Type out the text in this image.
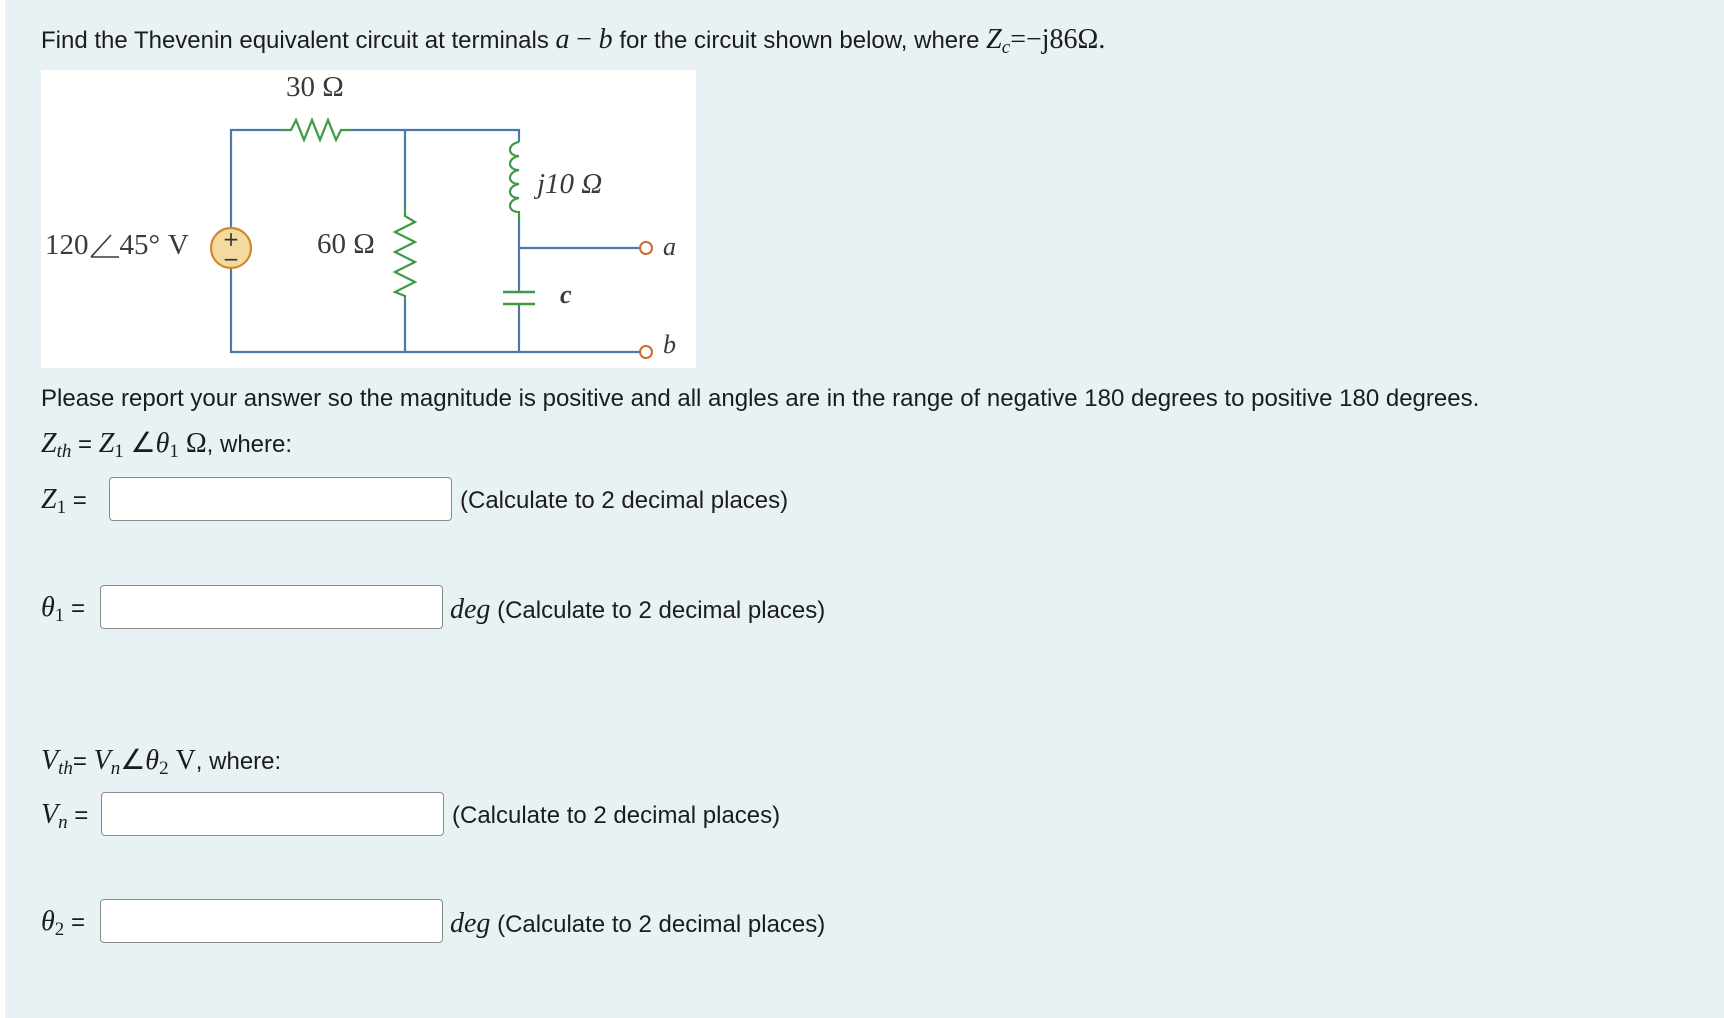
Find the Thevenin equivalent circuit at terminals a − b for the circuit shown below, where $Z_c=-j86\Omega$.
+
−
30 Ω
120 45° V	60 Ω
j10 Ω
c
a
b
Please report your answer so the magnitude is positive and all angles are in the range of negative 180 degrees to positive 180 degrees.
$Z_{th} = Z_1$ $\angle\theta_1$ Ω, where:
$Z_1$ =	(Calculate to 2 decimal places)
$\theta_1$ =	deg (Calculate to 2 decimal places)
$V_{th}=$ $V_n\angle\theta_2$ V, where:
$V_n$ =	(Calculate to 2 decimal places)
$\theta_2$ =	deg (Calculate to 2 decimal places)
